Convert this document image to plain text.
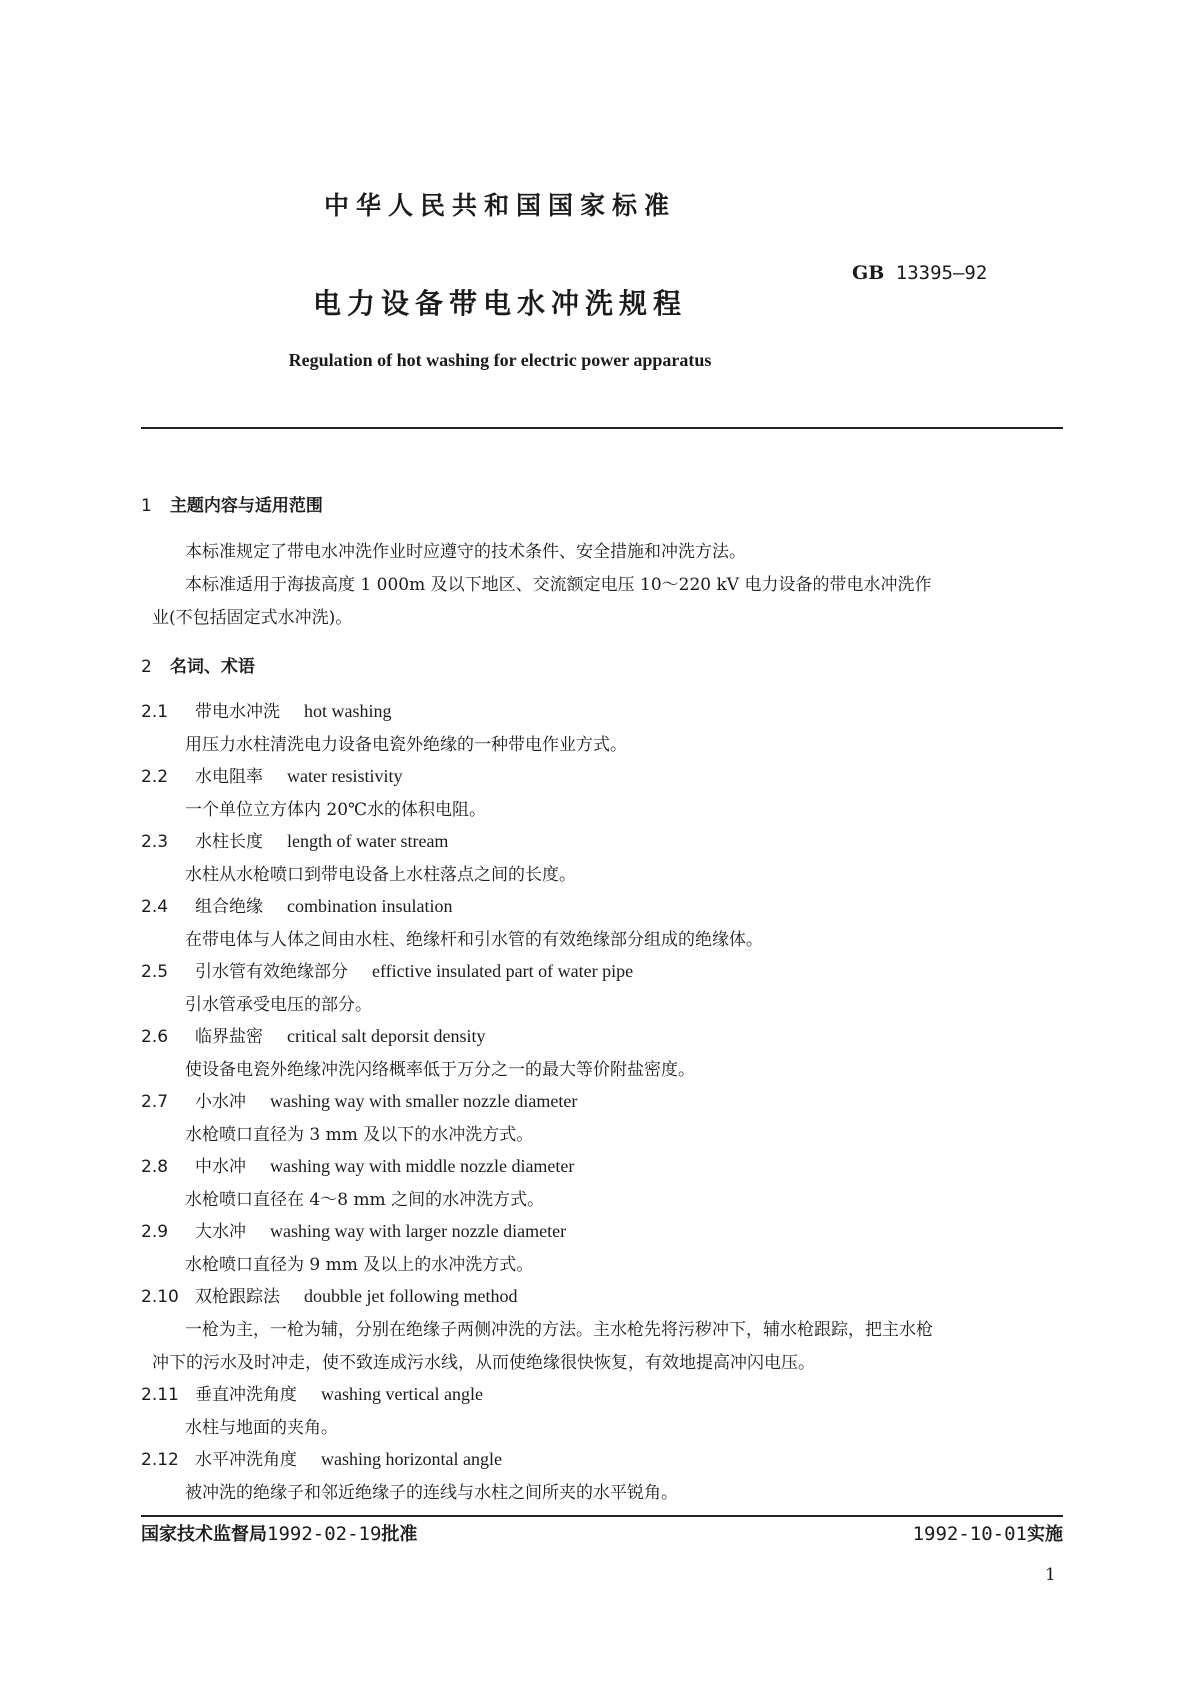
中华人民共和国国家标准
GB 13395—92
电力设备带电水冲洗规程
Regulation of hot washing for electric power apparatus
1 主题内容与适用范围
本标准规定了带电水冲洗作业时应遵守的技术条件、安全措施和冲洗方法。
本标准适用于海拔高度 1 000m 及以下地区、交流额定电压 10～220 kV 电力设备的带电水冲洗作
业(不包括固定式水冲洗)。
2 名词、术语
2.1 带电水冲洗 hot washing
用压力水柱清洗电力设备电瓷外绝缘的一种带电作业方式。
2.2 水电阻率 water resistivity
一个单位立方体内 20℃水的体积电阻。
2.3 水柱长度 length of water stream
水柱从水枪喷口到带电设备上水柱落点之间的长度。
2.4 组合绝缘 combination insulation
在带电体与人体之间由水柱、绝缘杆和引水管的有效绝缘部分组成的绝缘体。
2.5 引水管有效绝缘部分 effictive insulated part of water pipe
引水管承受电压的部分。
2.6 临界盐密 critical salt deporsit density
使设备电瓷外绝缘冲洗闪络概率低于万分之一的最大等价附盐密度。
2.7 小水冲 washing way with smaller nozzle diameter
水枪喷口直径为 3 mm 及以下的水冲洗方式。
2.8 中水冲 washing way with middle nozzle diameter
水枪喷口直径在 4～8 mm 之间的水冲洗方式。
2.9 大水冲 washing way with larger nozzle diameter
水枪喷口直径为 9 mm 及以上的水冲洗方式。
2.10 双枪跟踪法 doubble jet following method
一枪为主，一枪为辅，分别在绝缘子两侧冲洗的方法。主水枪先将污秽冲下，辅水枪跟踪，把主水枪
冲下的污水及时冲走，使不致连成污水线，从而使绝缘很快恢复，有效地提高冲闪电压。
2.11 垂直冲洗角度 washing vertical angle
水柱与地面的夹角。
2.12 水平冲洗角度 washing horizontal angle
被冲洗的绝缘子和邻近绝缘子的连线与水柱之间所夹的水平锐角。
国家技术监督局1992-02-19批准	1992-10-01实施
1
